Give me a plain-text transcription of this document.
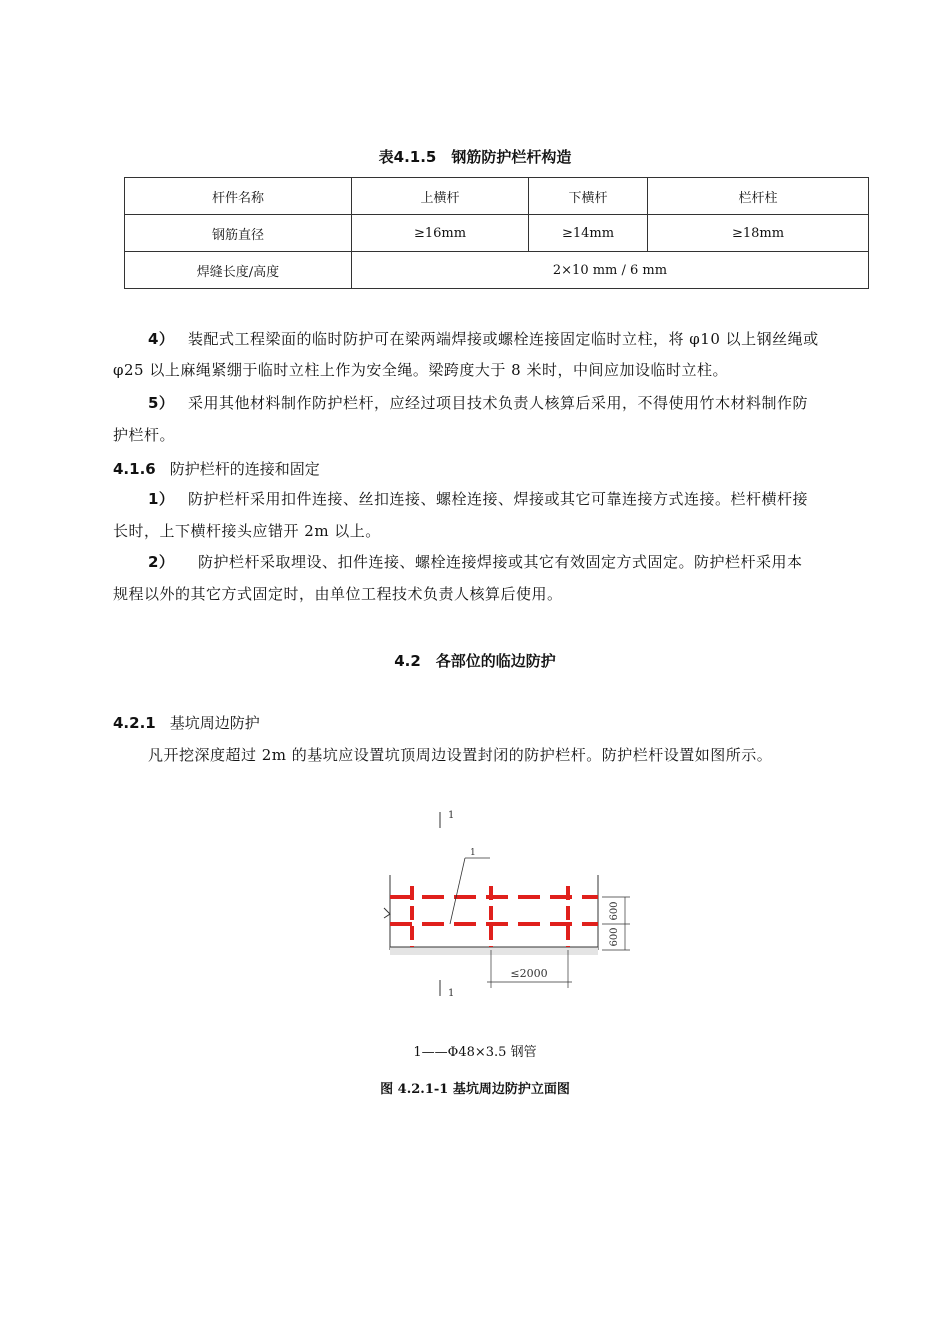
表4.1.5　钢筋防护栏杆构造
杆件名称	上横杆	下横杆	栏杆柱
钢筋直径	≥16mm	≥14mm	≥18mm
焊缝长度/高度	2×10 mm / 6 mm		
4） 装配式工程梁面的临时防护可在梁两端焊接或螺栓连接固定临时立柱，将 φ10 以上钢丝绳或
φ25 以上麻绳紧绷于临时立柱上作为安全绳。梁跨度大于 8 米时，中间应加设临时立柱。
5） 采用其他材料制作防护栏杆，应经过项目技术负责人核算后采用，不得使用竹木材料制作防
护栏杆。
4.1.6 防护栏杆的连接和固定
1） 防护栏杆采用扣件连接、丝扣连接、螺栓连接、焊接或其它可靠连接方式连接。栏杆横杆接
长时，上下横杆接头应错开 2m 以上。
2） 防护栏杆采取埋设、扣件连接、螺栓连接焊接或其它有效固定方式固定。防护栏杆采用本
规程以外的其它方式固定时，由单位工程技术负责人核算后使用。
4.2　各部位的临边防护
4.2.1 基坑周边防护
凡开挖深度超过 2m 的基坑应设置坑顶周边设置封闭的防护栏杆。防护栏杆设置如图所示。
1
1
1
600
600
≤2000
1——Φ48×3.5 钢管
图 4.2.1-1 基坑周边防护立面图
